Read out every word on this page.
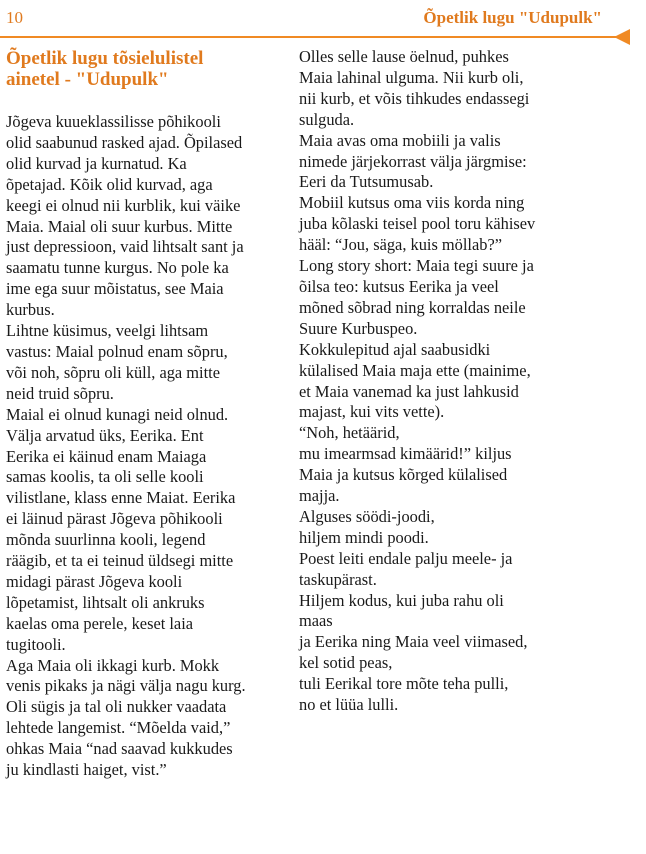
10	Õpetlik lugu "Udupulk"
Õpetlik lugu tõsielulistel
ainetel - "Udupulk"
Jõgeva kuueklassilisse põhikooli
olid saabunud rasked ajad. Õpilased
olid kurvad ja kurnatud. Ka
õpetajad. Kõik olid kurvad, aga
keegi ei olnud nii kurblik, kui väike
Maia. Maial oli suur kurbus. Mitte
just depressioon, vaid lihtsalt sant ja
saamatu tunne kurgus. No pole ka
ime ega suur mõistatus, see Maia
kurbus.
Lihtne küsimus, veelgi lihtsam
vastus: Maial polnud enam sõpru,
või noh, sõpru oli küll, aga mitte
neid truid sõpru.
Maial ei olnud kunagi neid olnud.
Välja arvatud üks, Eerika. Ent
Eerika ei käinud enam Maiaga
samas koolis, ta oli selle kooli
vilistlane, klass enne Maiat. Eerika
ei läinud pärast Jõgeva põhikooli
mõnda suurlinna kooli, legend
räägib, et ta ei teinud üldsegi mitte
midagi pärast Jõgeva kooli
lõpetamist, lihtsalt oli ankruks
kaelas oma perele, keset laia
tugitooli.
Aga Maia oli ikkagi kurb. Mokk
venis pikaks ja nägi välja nagu kurg.
Oli sügis ja tal oli nukker vaadata
lehtede langemist. “Mõelda vaid,”
ohkas Maia “nad saavad kukkudes
ju kindlasti haiget, vist.”
Olles selle lause öelnud, puhkes
Maia lahinal ulguma. Nii kurb oli,
nii kurb, et võis tihkudes endassegi
sulguda.
Maia avas oma mobiili ja valis
nimede järjekorrast välja järgmise:
Eeri da Tutsumusab.
Mobiil kutsus oma viis korda ning
juba kõlaski teisel pool toru kähisev
hääl: “Jou, säga, kuis möllab?”
Long story short: Maia tegi suure ja
õilsa teo: kutsus Eerika ja veel
mõned sõbrad ning korraldas neile
Suure Kurbuspeo.
Kokkulepitud ajal saabusidki
külalised Maia maja ette (mainime,
et Maia vanemad ka just lahkusid
majast, kui vits vette).
“Noh, hetäärid,
mu imearmsad kimäärid!” kiljus
Maia ja kutsus kõrged külalised
majja.
Alguses söödi-joodi,
hiljem mindi poodi.
Poest leiti endale palju meele- ja
taskupärast.
Hiljem kodus, kui juba rahu oli
maas
ja Eerika ning Maia veel viimased,
kel sotid peas,
tuli Eerikal tore mõte teha pulli,
no et lüüa lulli.
